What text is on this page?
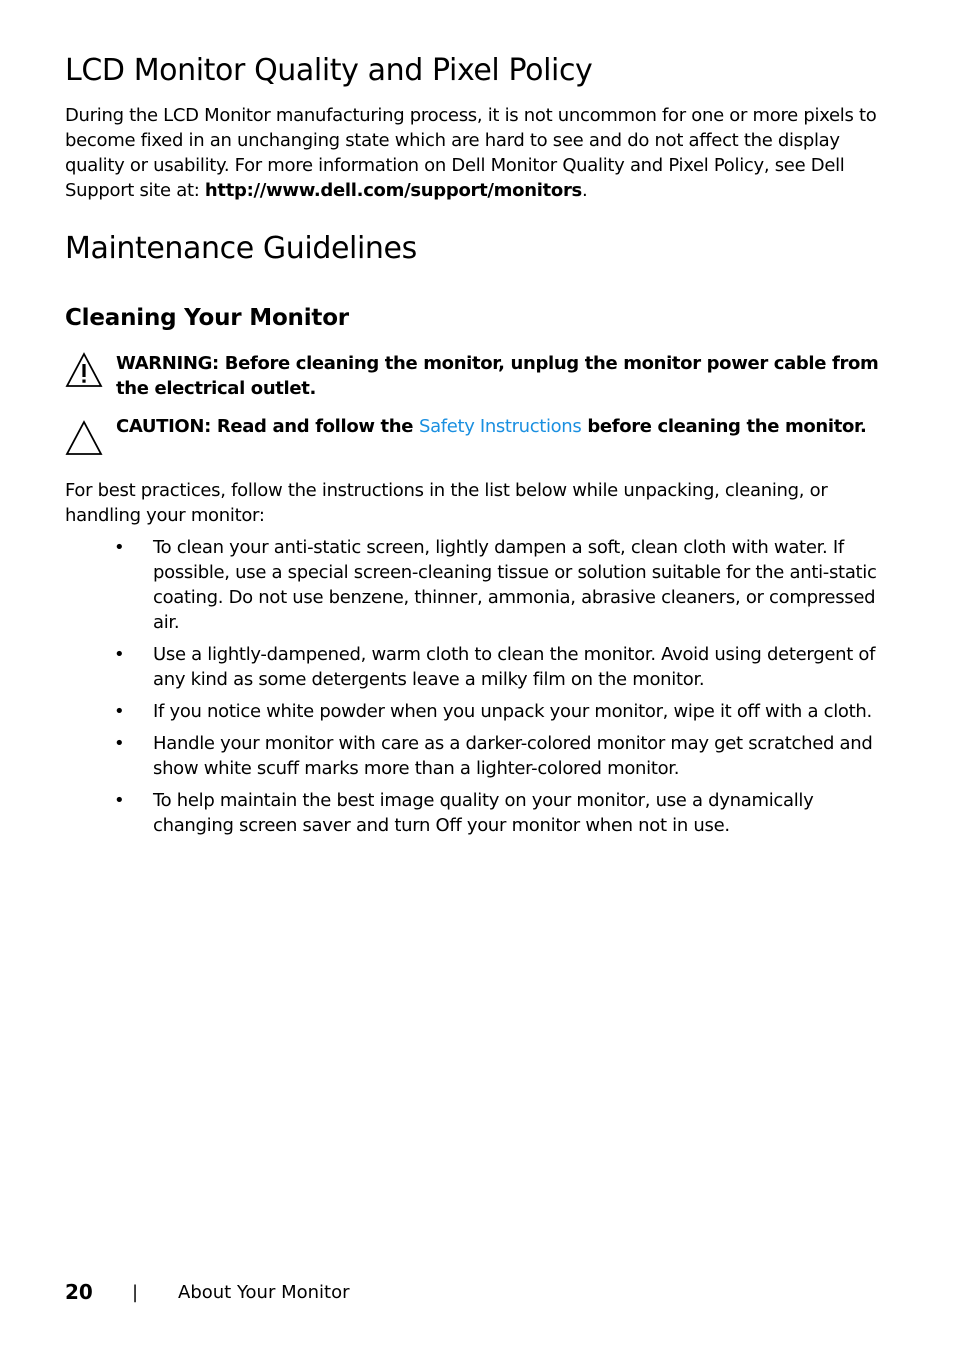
LCD Monitor Quality and Pixel Policy

During the LCD Monitor manufacturing process, it is not uncommon for one or more pixels to become fixed in an unchanging state which are hard to see and do not affect the display quality or usability. For more information on Dell Monitor Quality and Pixel Policy, see Dell Support site at: http://www.dell.com/support/monitors.

Maintenance Guidelines
Cleaning Your Monitor

WARNING: Before cleaning the monitor, unplug the monitor power cable from the electrical outlet.

CAUTION: Read and follow the Safety Instructions before cleaning the monitor.

For best practices, follow the instructions in the list below while unpacking, cleaning, or handling your monitor:

• To clean your anti-static screen, lightly dampen a soft, clean cloth with water. If possible, use a special screen-cleaning tissue or solution suitable for the anti-static coating. Do not use benzene, thinner, ammonia, abrasive cleaners, or compressed air.
• Use a lightly-dampened, warm cloth to clean the monitor. Avoid using detergent of any kind as some detergents leave a milky film on the monitor.
• If you notice white powder when you unpack your monitor, wipe it off with a cloth.
• Handle your monitor with care as a darker-colored monitor may get scratched and show white scuff marks more than a lighter-colored monitor.
• To help maintain the best image quality on your monitor, use a dynamically changing screen saver and turn Off your monitor when not in use.
20 | About Your Monitor
